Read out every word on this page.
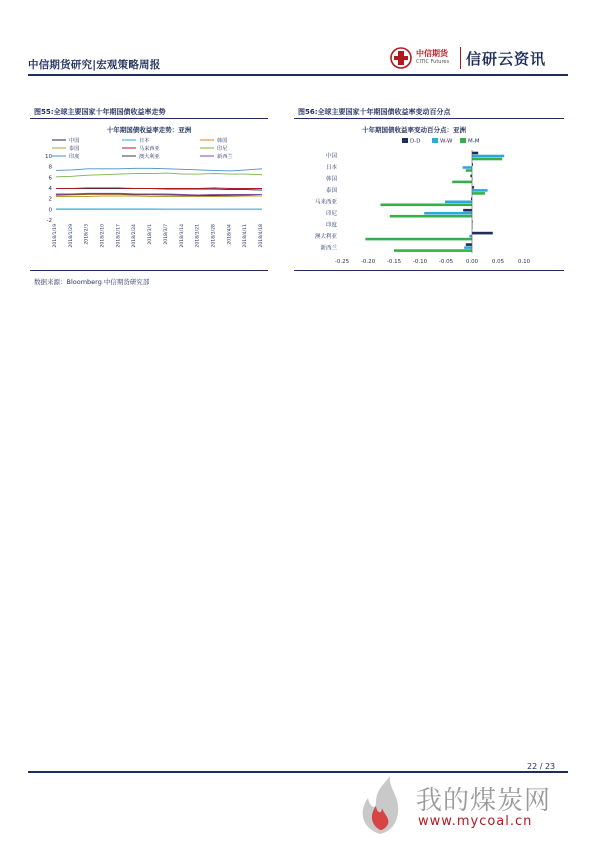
中信期货研究|宏观策略周报
中信期货
CITIC Futures 信研云资讯
图55:全球主要国家十年期国债收益率走势
十年期国债收益率走势：亚洲
中国	日本	韩国
泰国	马来西亚	印尼
印度	澳大利亚	新西兰
-2
0
2
4
6
8
10
2018/1/19 2018/1/29 2018/2/3 2018/2/10 2018/2/17 2018/2/24 2018/3/1 2018/3/7 2018/3/14 2018/3/21 2018/3/28 2018/4/4 2018/4/11 2018/4/18
图56:全球主要国家十年期国债收益率变动百分点
十年期国债收益率变动百分点：亚洲
D-D	W-W	M-M
中国
日本
韩国
泰国
马来西亚
印尼
印度
澳大利亚
新西兰
-0.25 -0.20 -0.15 -0.10 -0.05 0.00	0.05	0.10
数据来源：Bloomberg 中信期货研究部
22 / 23
我的煤炭网
www.mycoal.cn
